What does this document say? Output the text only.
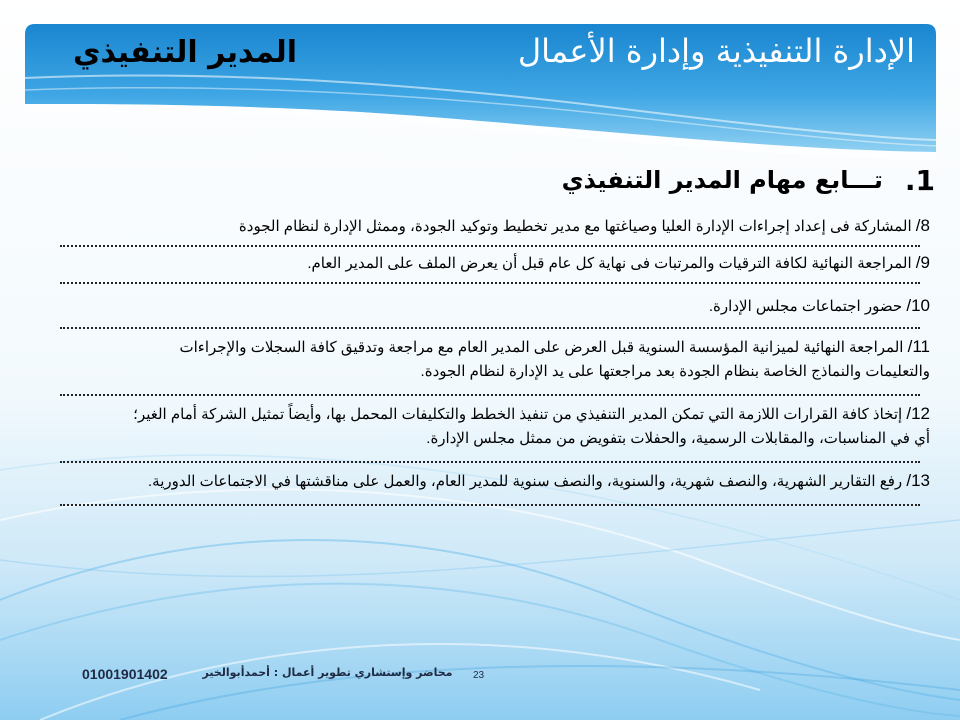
الإدارة التنفيذية وإدارة الأعمال
المدير التنفيذي
1.
تـــابع مهام المدير التنفيذي
8/ المشاركة فى إعداد إجراءات الإدارة العليا وصياغتها مع مدير تخطيط وتوكيد الجودة، وممثل الإدارة لنظام الجودة
9/ المراجعة النهائية لكافة الترقيات والمرتبات فى نهاية كل عام قبل أن يعرض الملف على المدير العام.
10/ حضور اجتماعات مجلس الإدارة.
11/ المراجعة النهائية لميزانية المؤسسة السنوية قبل العرض على المدير العام مع مراجعة وتدقيق كافة السجلات والإجراءات
والتعليمات والنماذج الخاصة بنظام الجودة بعد مراجعتها على يد الإدارة لنظام الجودة.
12/ إتخاذ كافة القرارات اللازمة التي تمكن المدير التنفيذي من تنفيذ الخطط والتكليفات المحمل بها، وأيضاً تمثيل الشركة أمام الغير؛
أي في المناسبات، والمقابلات الرسمية، والحفلات بتفويض من ممثل مجلس الإدارة.
13/ رفع التقارير الشهرية، والنصف شهرية، والسنوية، والنصف سنوية للمدير العام، والعمل على مناقشتها في الاجتماعات الدورية.
23
محاضر وإستشاري تطوير أعمال : أحمدأبوالخير
01001901402
